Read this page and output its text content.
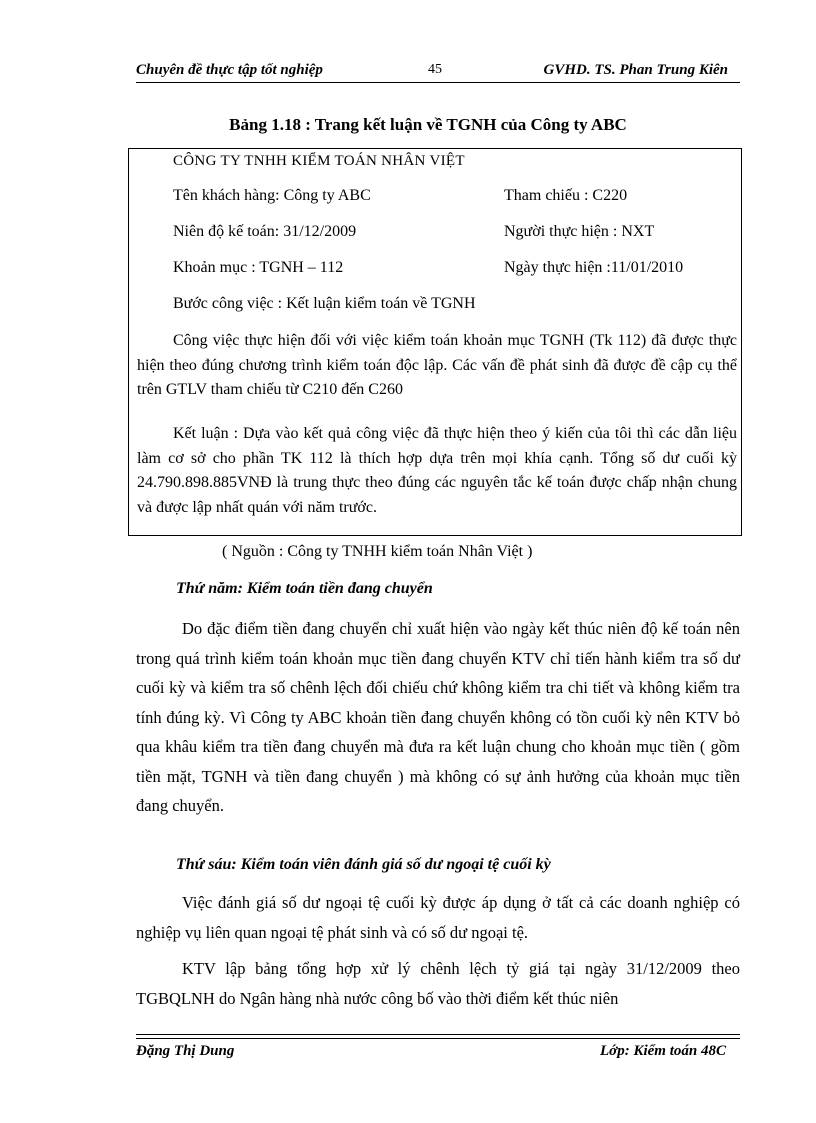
Chuyên đề thực tập tốt nghiệp	45	GVHD. TS. Phan Trung Kiên
Bảng 1.18 : Trang kết luận về TGNH của Công ty ABC
CÔNG TY TNHH KIỂM TOÁN NHÂN VIỆT
Tên khách hàng: Công ty ABC	Tham chiếu : C220
Niên độ kế toán: 31/12/2009	Người thực hiện : NXT
Khoản mục : TGNH – 112	Ngày thực hiện :11/01/2010
Bước công việc : Kết luận kiểm toán về TGNH
Công việc thực hiện đối với việc kiểm toán khoản mục TGNH (Tk 112) đã được thực hiện theo đúng chương trình kiểm toán độc lập. Các vấn đề phát sinh đã được đề cập cụ thể trên GTLV tham chiếu từ C210 đến C260
Kết luận : Dựa vào kết quả công việc đã thực hiện theo ý kiến của tôi thì các dẫn liệu làm cơ sở cho phần TK 112 là thích hợp dựa trên mọi khía cạnh. Tổng số dư cuối kỳ 24.790.898.885VNĐ là trung thực theo đúng các nguyên tắc kế toán được chấp nhận chung và được lập nhất quán với năm trước.
( Nguồn : Công ty TNHH kiểm toán Nhân Việt )
Thứ năm: Kiểm toán tiền đang chuyển
Do đặc điểm tiền đang chuyển chỉ xuất hiện vào ngày kết thúc niên độ kế toán nên trong quá trình kiểm toán khoản mục tiền đang chuyển KTV chỉ tiến hành kiểm tra số dư cuối kỳ và kiểm tra số chênh lệch đối chiếu chứ không kiểm tra chi tiết và không kiểm tra tính đúng kỳ. Vì Công ty ABC khoản tiền đang chuyển không có tồn cuối kỳ nên KTV bỏ qua khâu kiểm tra tiền đang chuyển mà đưa ra kết luận chung cho khoản mục tiền ( gồm tiền mặt, TGNH và tiền đang chuyển ) mà không có sự ảnh hưởng của khoản mục tiền đang chuyển.
Thứ sáu: Kiểm toán viên đánh giá số dư ngoại tệ cuối kỳ
Việc đánh giá số dư ngoại tệ cuối kỳ được áp dụng ở tất cả các doanh nghiệp có nghiệp vụ liên quan ngoại tệ phát sinh và có số dư ngoại tệ.
KTV lập bảng tổng hợp xử lý chênh lệch tỷ giá tại ngày 31/12/2009 theo TGBQLNH do Ngân hàng nhà nước công bố vào thời điểm kết thúc niên
Đặng Thị Dung	Lớp: Kiểm toán 48C
